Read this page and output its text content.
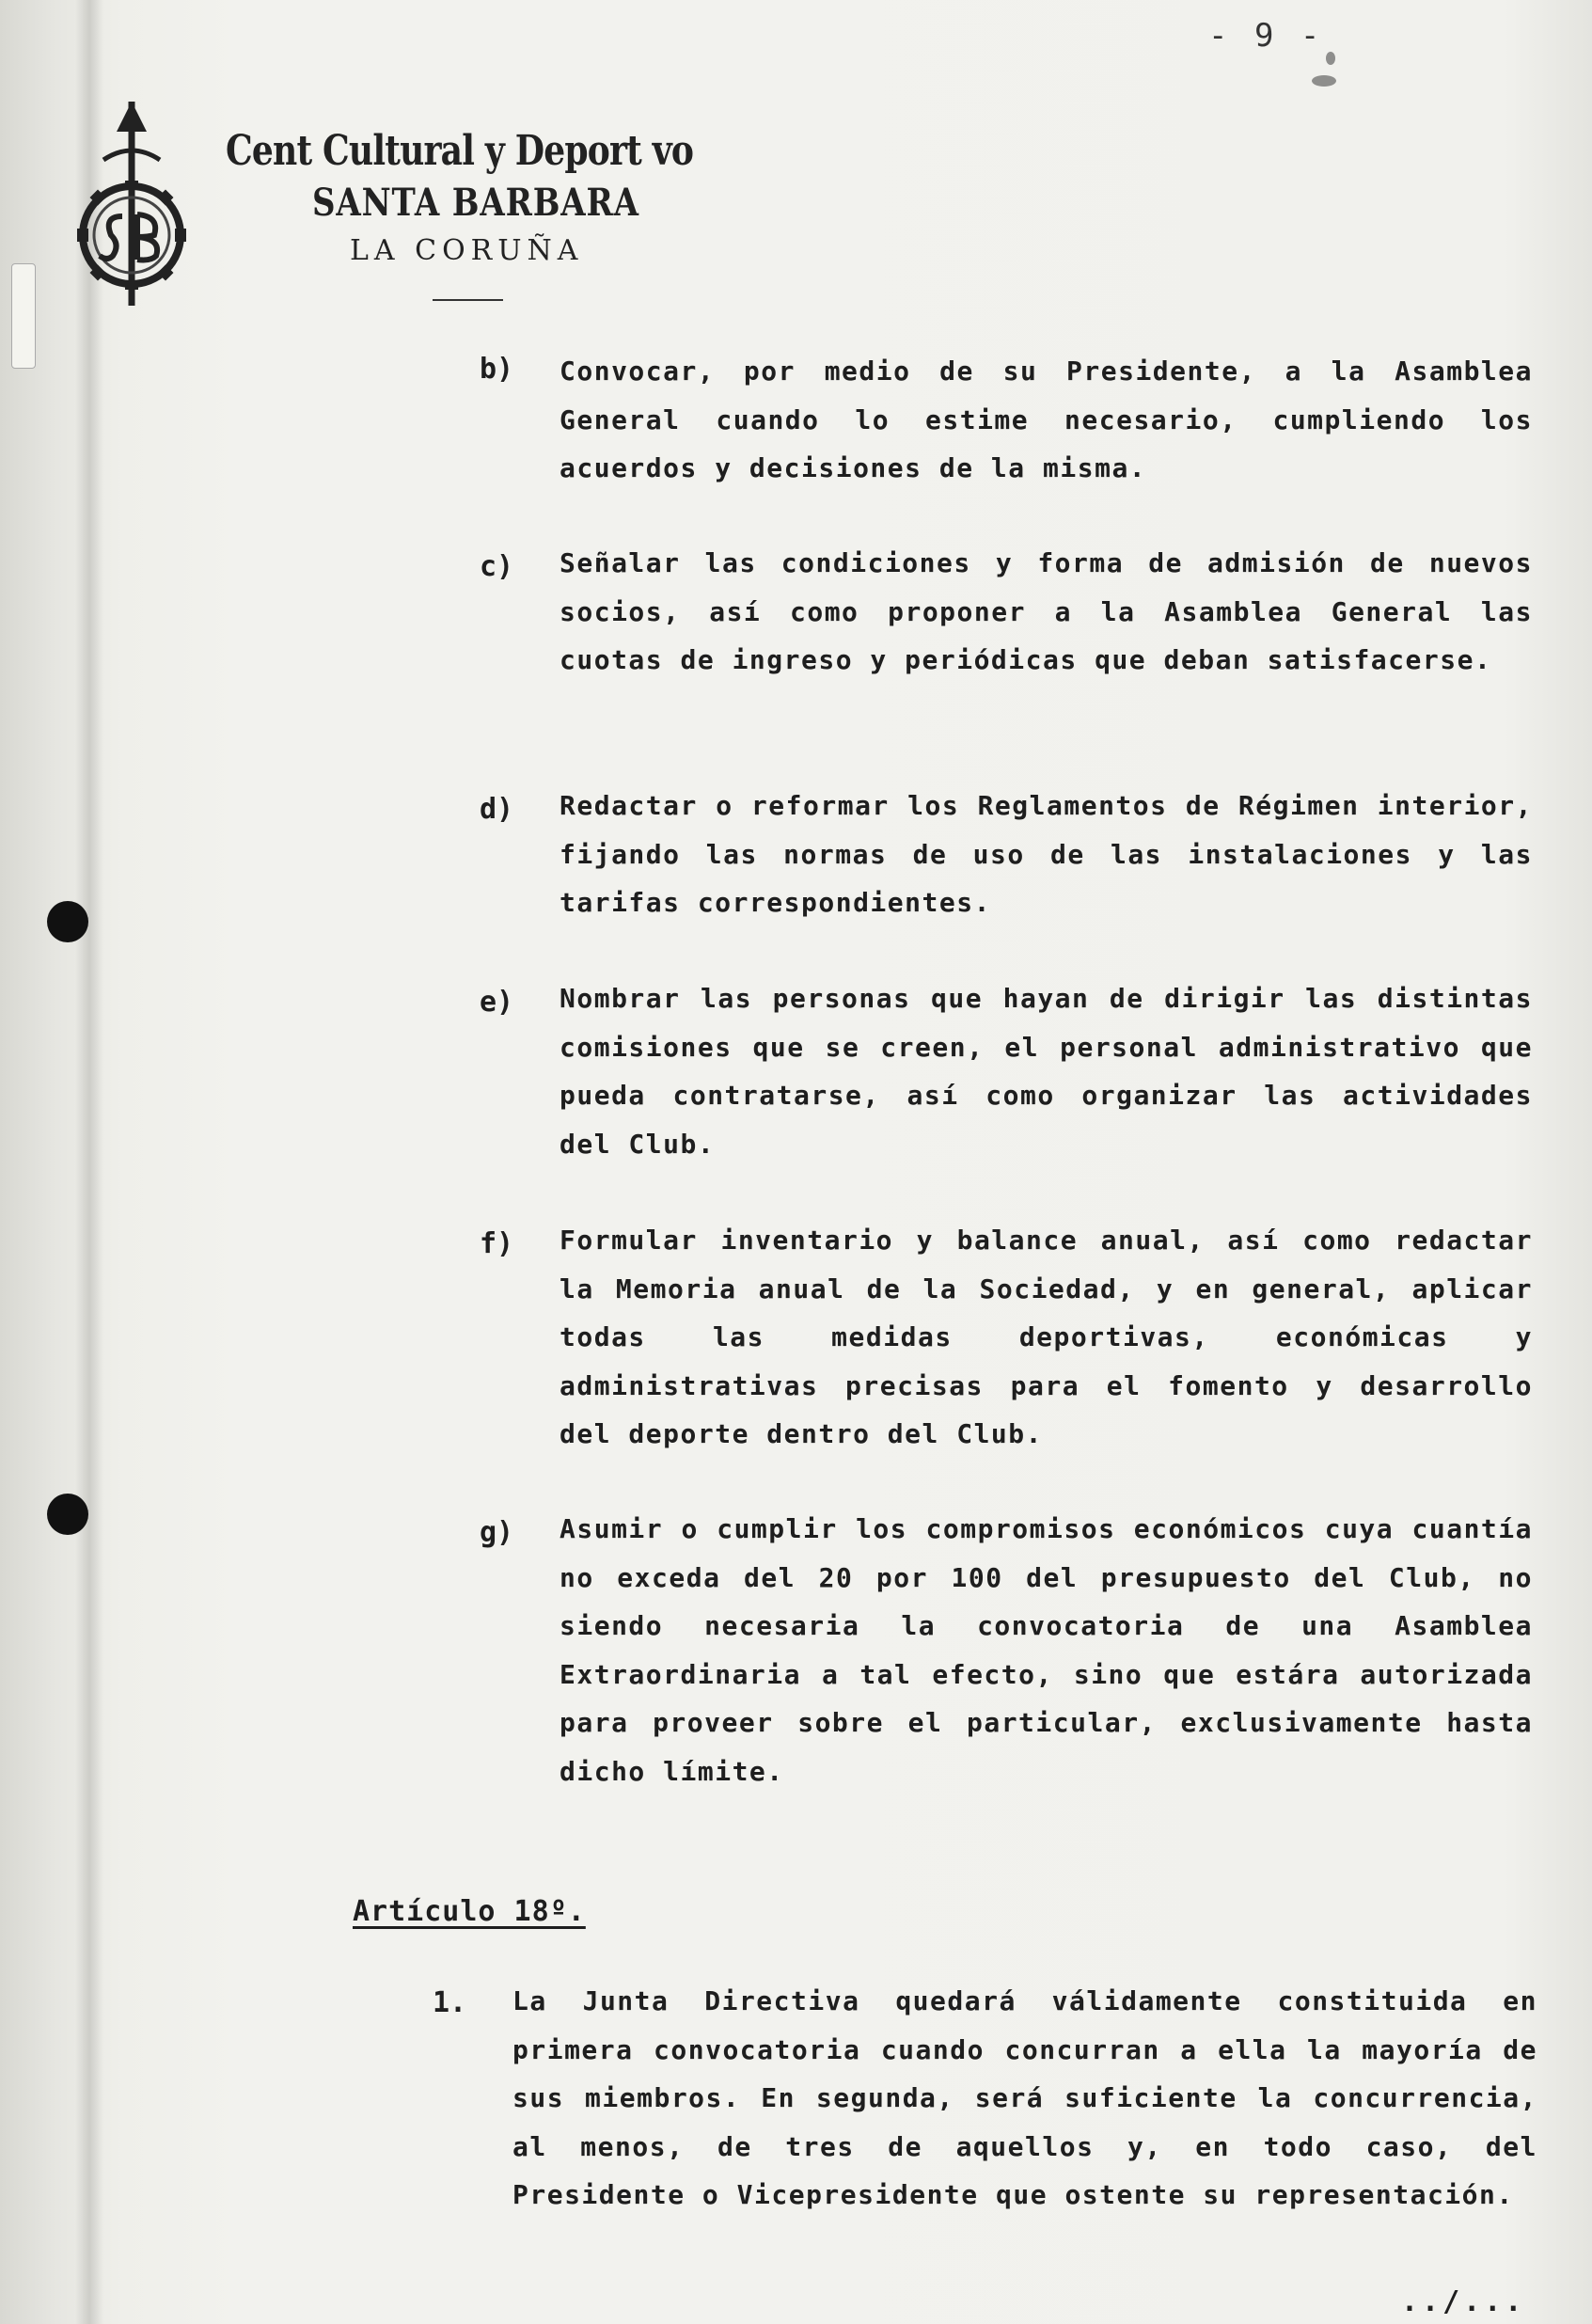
- 9 -
Cent Cultural y Deport vo
SANTA BARBARA
LA CORUÑA
b) Convocar, por medio de su Presidente, a la Asamblea General cuando lo estime necesario, cumpliendo los acuerdos y decisiones de la misma.
c) Señalar las condiciones y forma de admisión de nuevos socios, así como proponer a la Asamblea General las cuotas de ingreso y periódicas que deban satisfacerse.
d) Redactar o reformar los Reglamentos de Régimen interior, fijando las normas de uso de las instalaciones y las tarifas correspondientes.
e) Nombrar las personas que hayan de dirigir las distintas comisiones que se creen, el personal administrativo que pueda contratarse, así como organizar las actividades del Club.
f) Formular inventario y balance anual, así como redactar la Memoria anual de la Sociedad, y en general, aplicar todas las medidas deportivas, económicas y administrativas precisas para el fomento y desarrollo del deporte dentro del Club.
g) Asumir o cumplir los compromisos económicos cuya cuantía no exceda del 20 por 100 del presupuesto del Club, no siendo necesaria la convocatoria de una Asamblea Extraordinaria a tal efecto, sino que estára autorizada para proveer sobre el particular, exclusivamente hasta dicho límite.
Artículo 18º.
1. La Junta Directiva quedará válidamente constituida en primera convocatoria cuando concurran a ella la mayoría de sus miembros. En segunda, será suficiente la concurrencia, al menos, de tres de aquellos y, en todo caso, del Presidente o Vicepresidente que ostente su representación.
../...
